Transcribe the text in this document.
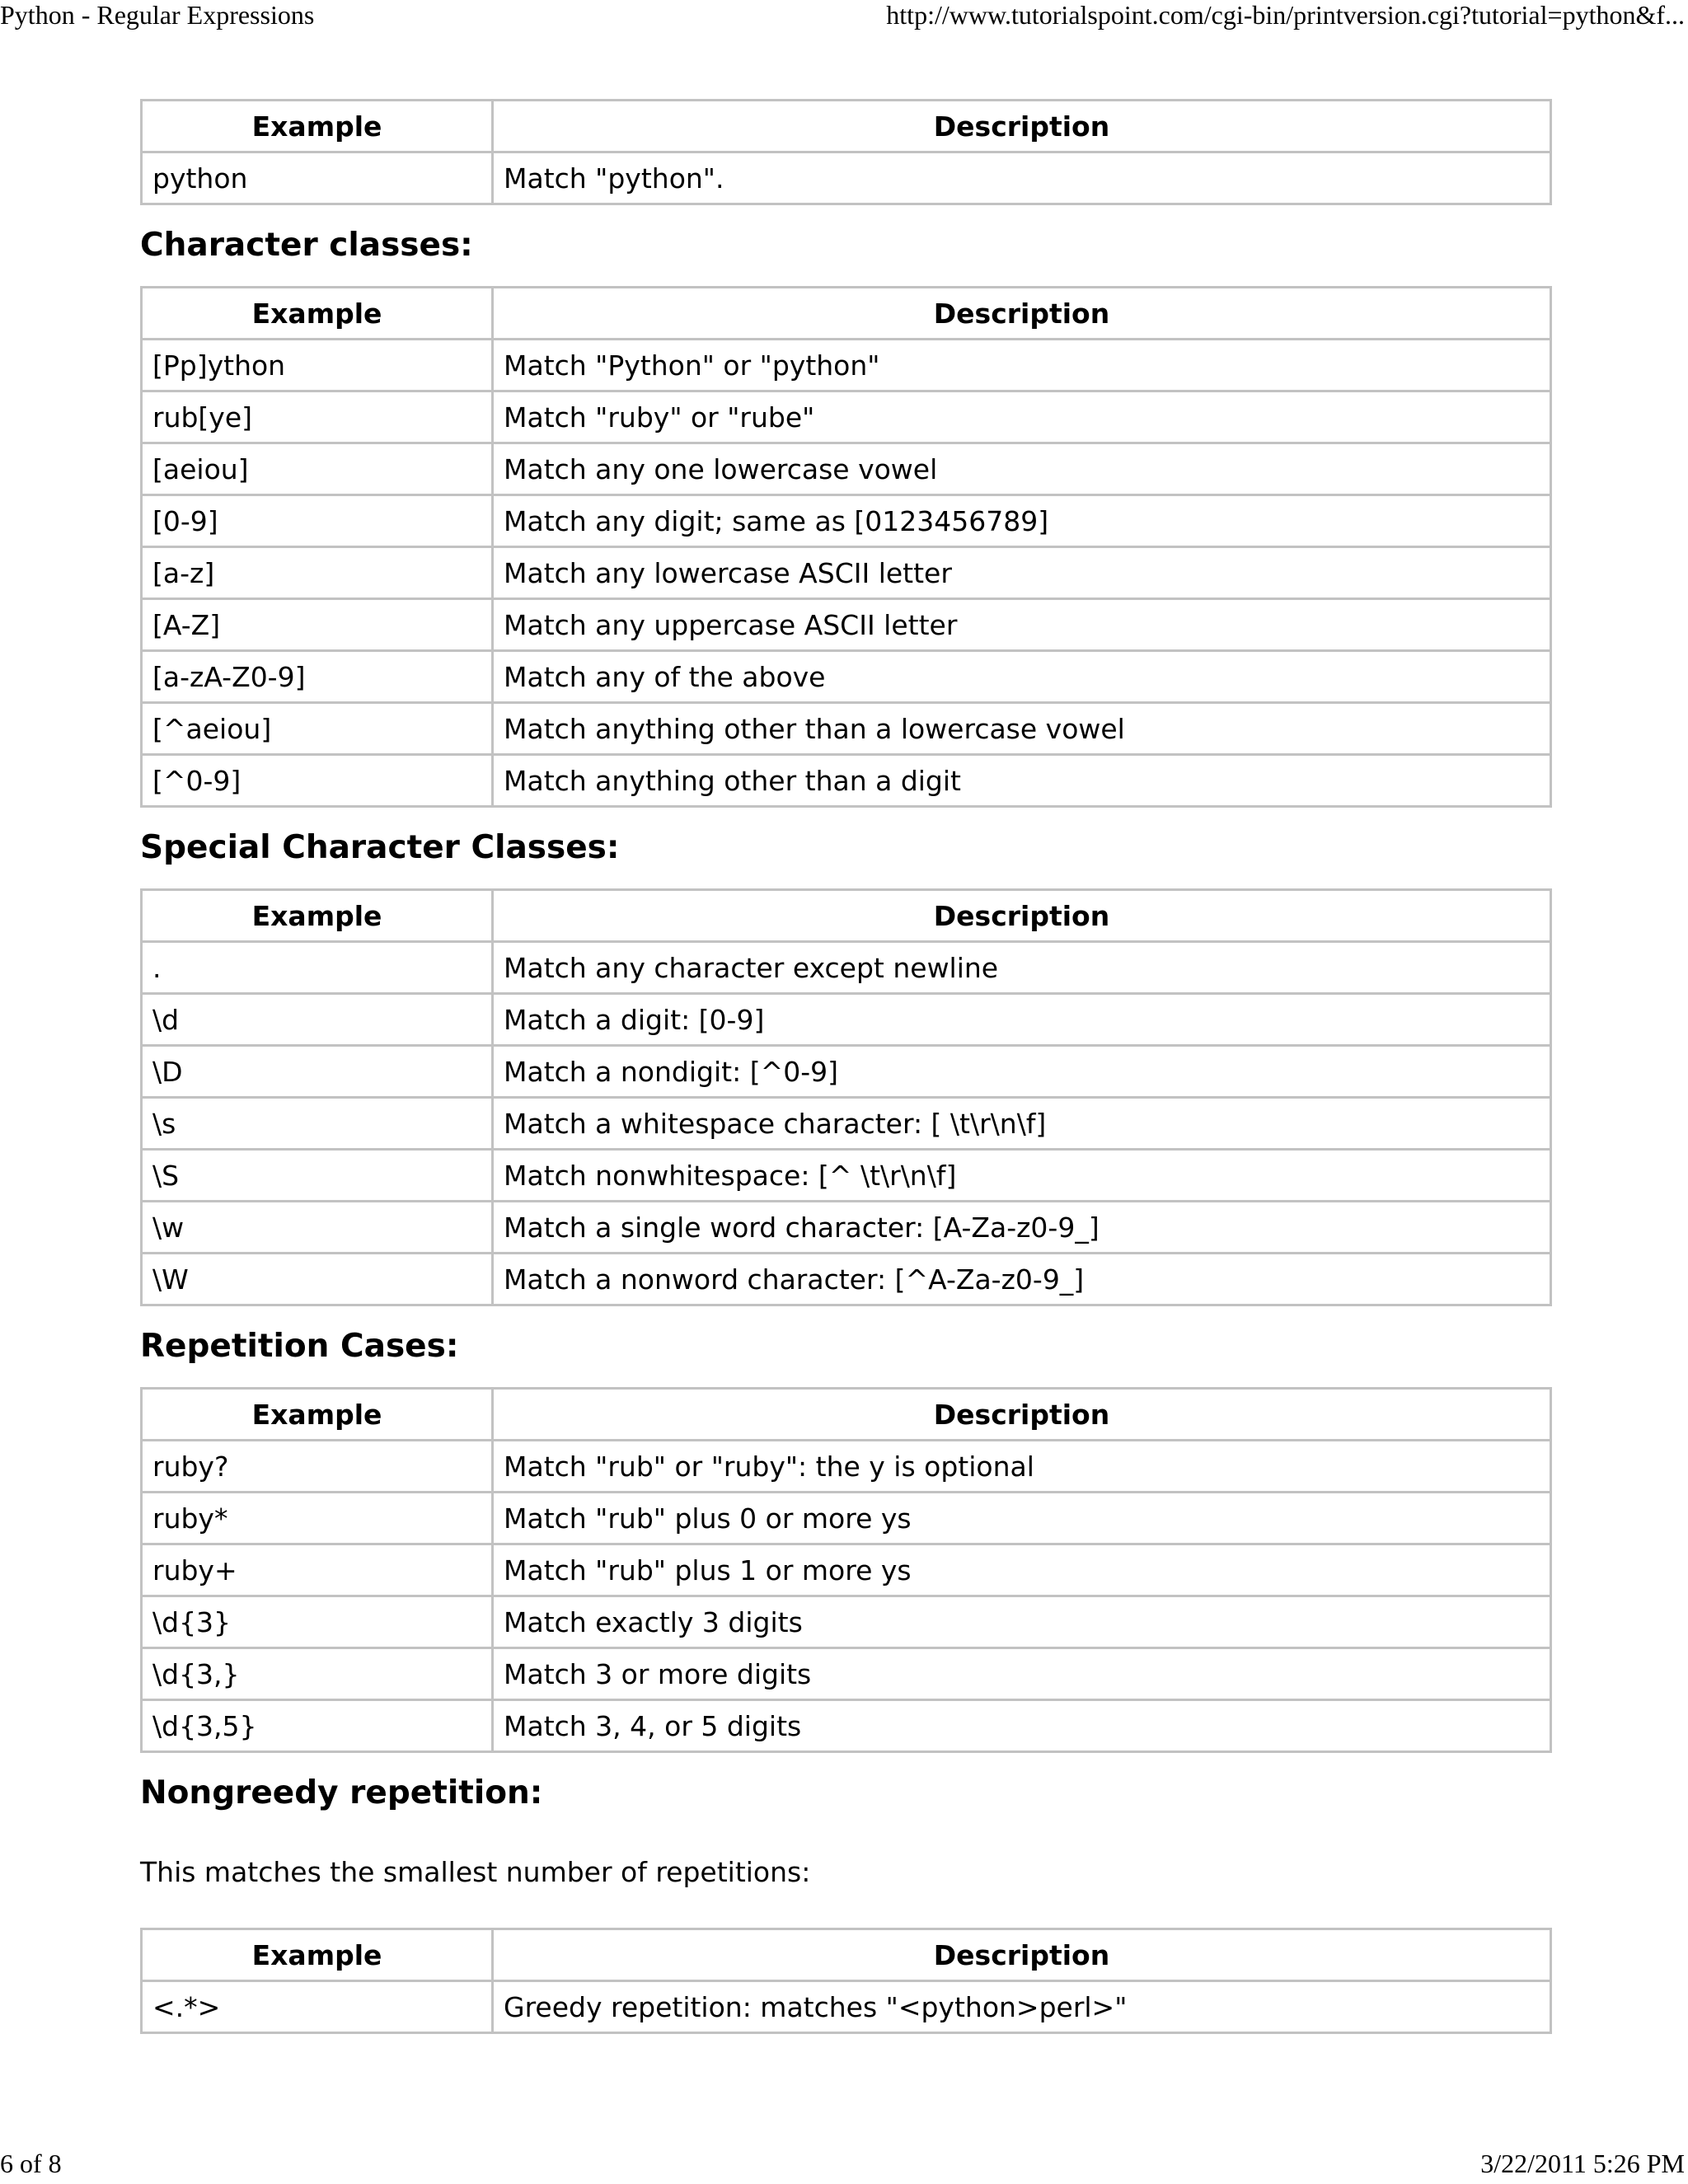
Python - Regular Expressions	http://www.tutorialspoint.com/cgi-bin/printversion.cgi?tutorial=python&f...
Example	Description
python	Match "python".
Character classes:
Example	Description
[Pp]ython	Match "Python" or "python"
rub[ye]	Match "ruby" or "rube"
[aeiou]	Match any one lowercase vowel
[0-9]	Match any digit; same as [0123456789]
[a-z]	Match any lowercase ASCII letter
[A-Z]	Match any uppercase ASCII letter
[a-zA-Z0-9]	Match any of the above
[^aeiou]	Match anything other than a lowercase vowel
[^0-9]	Match anything other than a digit
Special Character Classes:
Example	Description
.	Match any character except newline
\d	Match a digit: [0-9]
\D	Match a nondigit: [^0-9]
\s	Match a whitespace character: [ \t\r\n\f]
\S	Match nonwhitespace: [^ \t\r\n\f]
\w	Match a single word character: [A-Za-z0-9_]
\W	Match a nonword character: [^A-Za-z0-9_]
Repetition Cases:
Example	Description
ruby?	Match "rub" or "ruby": the y is optional
ruby*	Match "rub" plus 0 or more ys
ruby+	Match "rub" plus 1 or more ys
\d{3}	Match exactly 3 digits
\d{3,}	Match 3 or more digits
\d{3,5}	Match 3, 4, or 5 digits
Nongreedy repetition:

This matches the smallest number of repetitions:

Example	Description
<.*>	Greedy repetition: matches "<python>perl>"
6 of 8	3/22/2011 5:26 PM
